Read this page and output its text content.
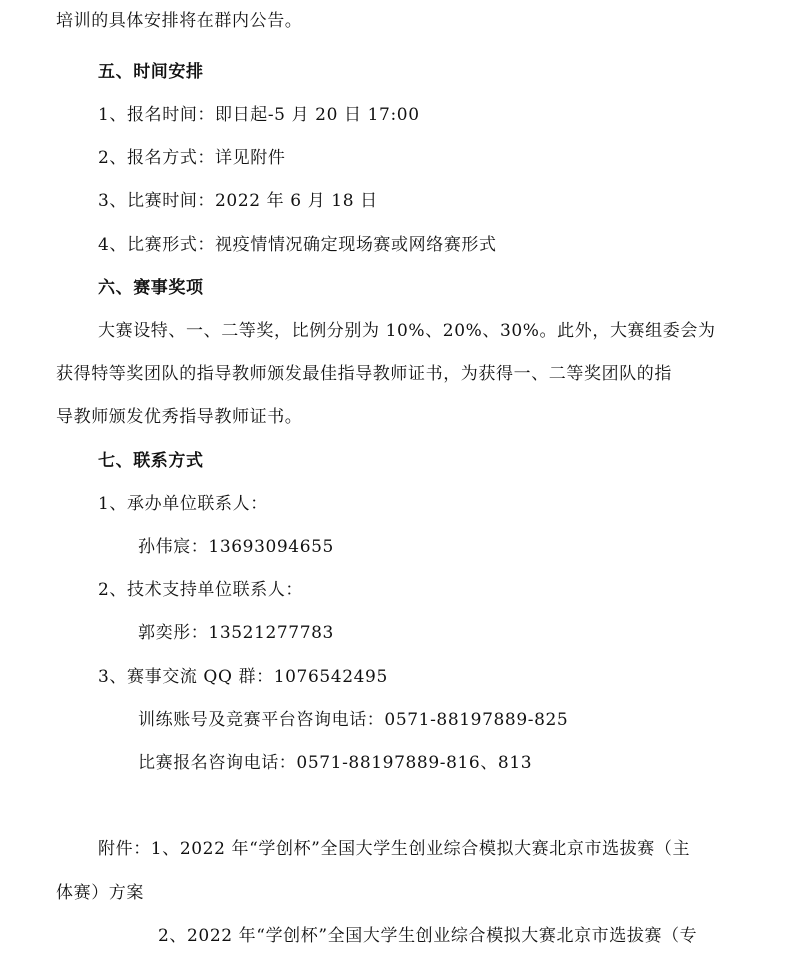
培训的具体安排将在群内公告。
五、时间安排
1、报名时间：即日起-5 月 20 日 17:00
2、报名方式：详见附件
3、比赛时间：2022 年 6 月 18 日
4、比赛形式：视疫情情况确定现场赛或网络赛形式
六、赛事奖项
大赛设特、一、二等奖，比例分别为 10%、20%、30%。此外，大赛组委会为
获得特等奖团队的指导教师颁发最佳指导教师证书，为获得一、二等奖团队的指
导教师颁发优秀指导教师证书。
七、联系方式
1、承办单位联系人：
孙伟宸：13693094655
2、技术支持单位联系人：
郭奕彤：13521277783
3、赛事交流 QQ 群：1076542495
训练账号及竞赛平台咨询电话：0571-88197889-825
比赛报名咨询电话：0571-88197889-816、813
附件：1、2022 年“学创杯”全国大学生创业综合模拟大赛北京市选拔赛（主
体赛）方案
2、2022 年“学创杯”全国大学生创业综合模拟大赛北京市选拔赛（专
